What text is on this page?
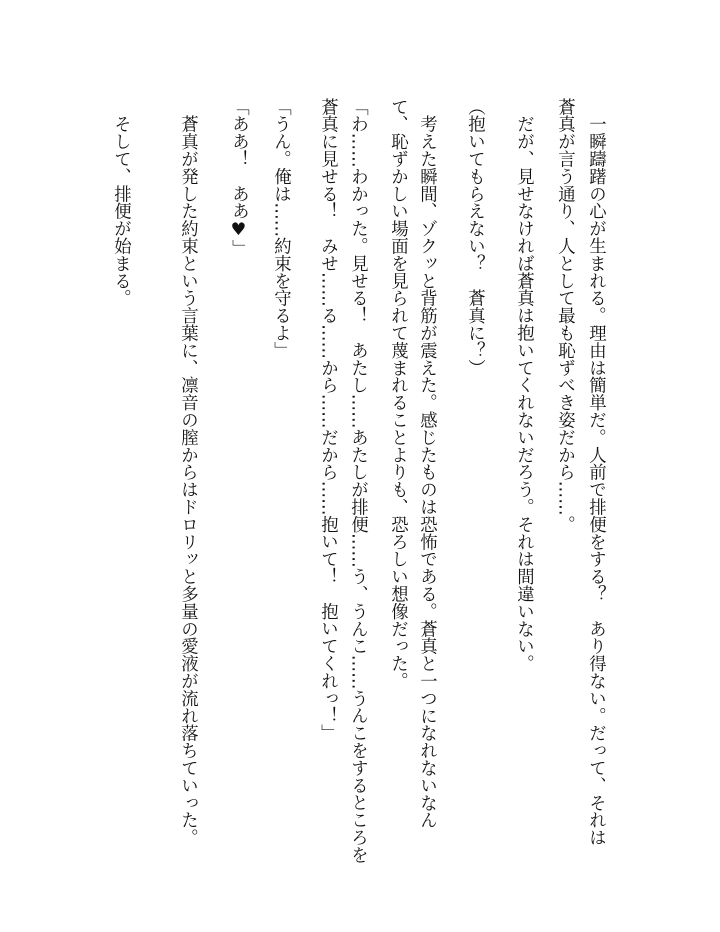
　一瞬躊躇の心が生まれる。理由は簡単だ。人前で排便をする？　あり得ない。だって、それは
蒼真が言う通り、人として最も恥ずべき姿だから……。
　だが、見せなければ蒼真は抱いてくれないだろう。それは間違いない。
（抱いてもらえない？　蒼真に？）
　考えた瞬間、ゾクッと背筋が震えた。感じたものは恐怖である。蒼真と一つになれないなん
て、恥ずかしい場面を見られて蔑まれることよりも、恐ろしい想像だった。
「わ……わかった。見せる！　あたし……あたしが排便……う、うんこ……うんこをするところを
蒼真に見せる！　みせ……る……から……だから……抱いて！　抱いてくれっ！」
「うん。俺は……約束を守るよ」
「ああ！　ああ♥」
　蒼真が発した約束という言葉に、凛音の膣からはドロリッと多量の愛液が流れ落ちていった。
　そして、排便が始まる。
